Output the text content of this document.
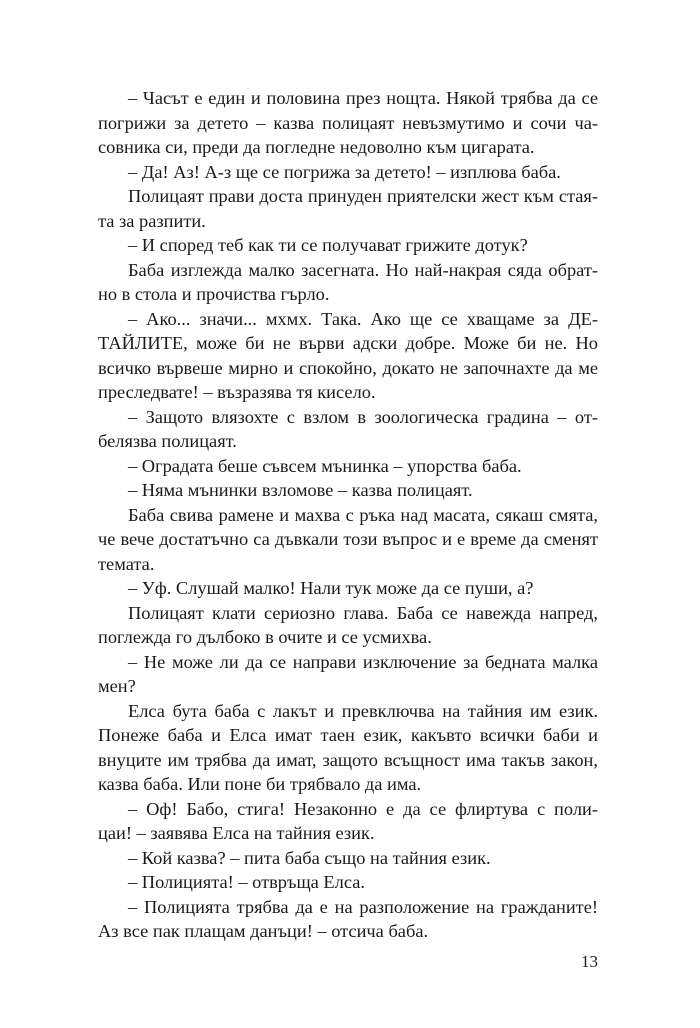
– Часът е един и половина през нощта. Някой трябва да се
погрижи за детето – казва полицаят невъзмутимо и сочи ча-
совника си, преди да погледне недоволно към цигарата.
– Да! Аз! А-з ще се погрижа за детето! – изплюва баба.
Полицаят прави доста принуден приятелски жест към стая-
та за разпити.
– И според теб как ти се получават грижите дотук?
Баба изглежда малко засегната. Но най-накрая сяда обрат-
но в стола и прочиства гърло.
– Ако... значи... мхмх. Така. Ако ще се хващаме за ДЕ-
ТАЙЛИТЕ, може би не върви адски добре. Може би не. Но
всичко вървеше мирно и спокойно, докато не започнахте да ме
преследвате! – възразява тя кисело.
– Защото влязохте с взлом в зоологическа градина – от-
белязва полицаят.
– Оградата беше съвсем мънинка – упорства баба.
– Няма мънинки взломове – казва полицаят.
Баба свива рамене и махва с ръка над масата, сякаш смята,
че вече достатъчно са дъвкали този въпрос и е време да сменят
темата.
– Уф. Слушай малко! Нали тук може да се пуши, а?
Полицаят клати сериозно глава. Баба се навежда напред,
поглежда го дълбоко в очите и се усмихва.
– Не може ли да се направи изключение за бедната малка
мен?
Елса бута баба с лакът и превключва на тайния им език.
Понеже баба и Елса имат таен език, какъвто всички баби и
внуците им трябва да имат, защото всъщност има такъв закон,
казва баба. Или поне би трябвало да има.
– Оф! Бабо, стига! Незаконно е да се флиртува с поли-
цаи! – заявява Елса на тайния език.
– Кой казва? – пита баба също на тайния език.
– Полицията! – отвръща Елса.
– Полицията трябва да е на разположение на гражданите!
Аз все пак плащам данъци! – отсича баба.
13
